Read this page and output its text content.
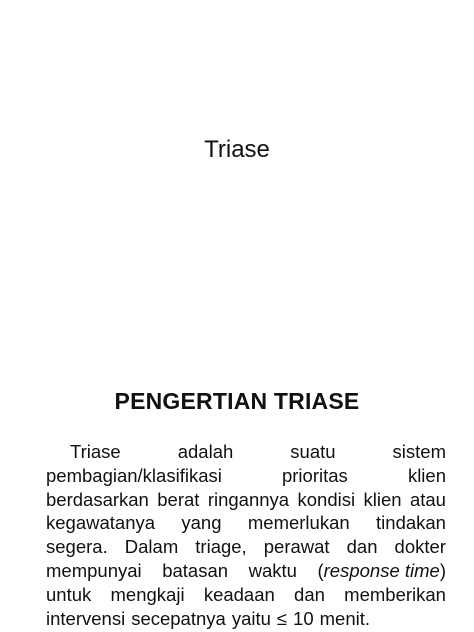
Triase
PENGERTIAN TRIASE
Triase	adalah	suatu	sistem
pembagian/klasifikasi	prioritas	klien
berdasarkan berat ringannya kondisi klien atau
kegawatanya yang memerlukan tindakan
segera. Dalam triage, perawat dan dokter
mempunyai batasan waktu (response time)
untuk mengkaji keadaan dan memberikan
intervensi secepatnya yaitu ≤ 10 menit.
